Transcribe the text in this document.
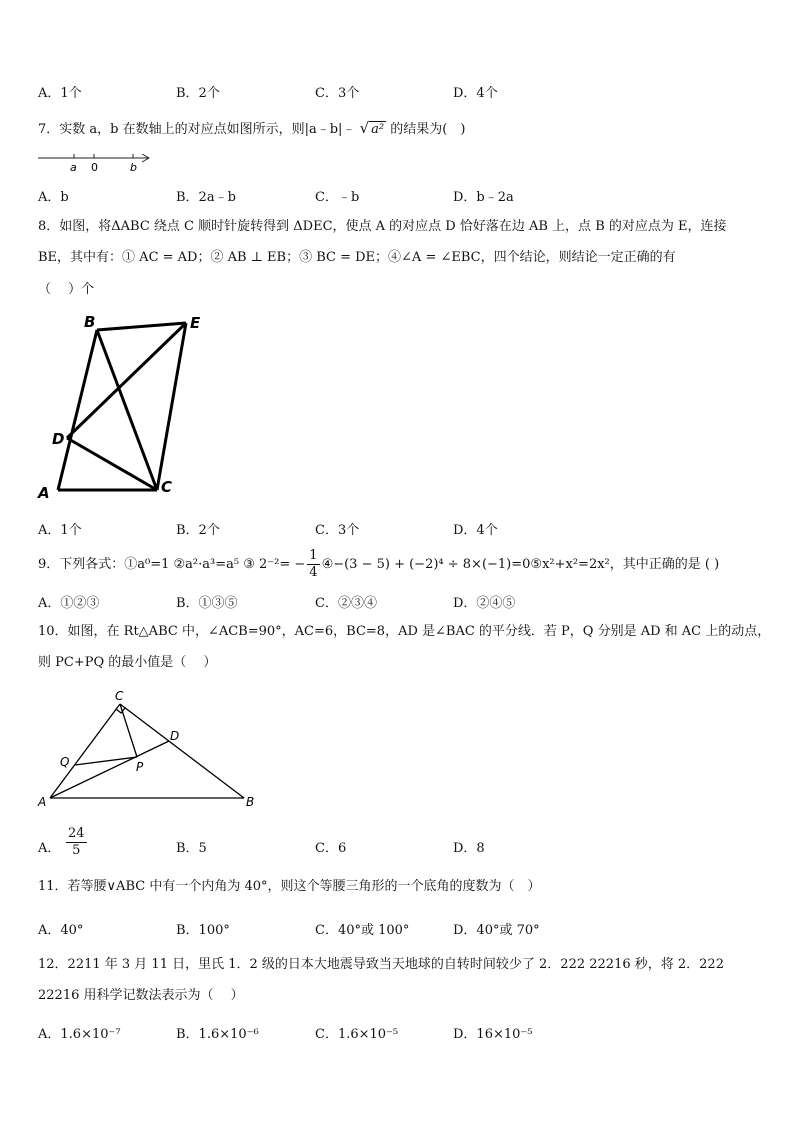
A．1个	B．2个	C．3个	D．4个
7．实数 a，b 在数轴上的对应点如图所示，则|a﹣b|﹣ √ a² 的结果为(　)
a 0	b
A．b	B．2a﹣b	C．﹣b	D．b﹣2a
8．如图，将ΔABC 绕点 C 顺时针旋转得到 ΔDEC，使点 A 的对应点 D 恰好落在边 AB 上，点 B 的对应点为 E，连接
BE，其中有：① AC = AD；② AB ⊥ EB；③ BC = DE；④∠A = ∠EBC，四个结论，则结论一定正确的有
（　 ）个
A
B
C
D
E
A．1个	B．2个	C．3个	D．4个
9．下列各式：①a⁰=1 ②a²·a³=a⁵ ③ $2^{-2}= - \frac{1}{4}$ ④−(3 − 5) + (−2)⁴ ÷ 8×(−1)=0⑤x²+x²=2x²，其中正确的是 ( )
A．①②③	B．①③⑤	C．②③④	D．②④⑤
10．如图，在 Rt△ABC 中，∠ACB=90°，AC=6，BC=8，AD 是∠BAC 的平分线．若 P，Q 分别是 AD 和 AC 上的动点，
则 PC+PQ 的最小值是（　 ）
C
D
Q	P
A	B
A． $\frac{24}{5}$	B．5	C．6	D．8
11．若等腰∨ABC 中有一个内角为 40°，则这个等腰三角形的一个底角的度数为（　）
A．40°	B．100°	C．40°或 100°	D．40°或 70°
12．2211 年 3 月 11 日，里氏 1．2 级的日本大地震导致当天地球的自转时间较少了 2．222 22216 秒，将 2．222
22216 用科学记数法表示为（　 ）
A．1.6×10⁻⁷	B．1.6×10⁻⁶	C．1.6×10⁻⁵	D．16×10⁻⁵
